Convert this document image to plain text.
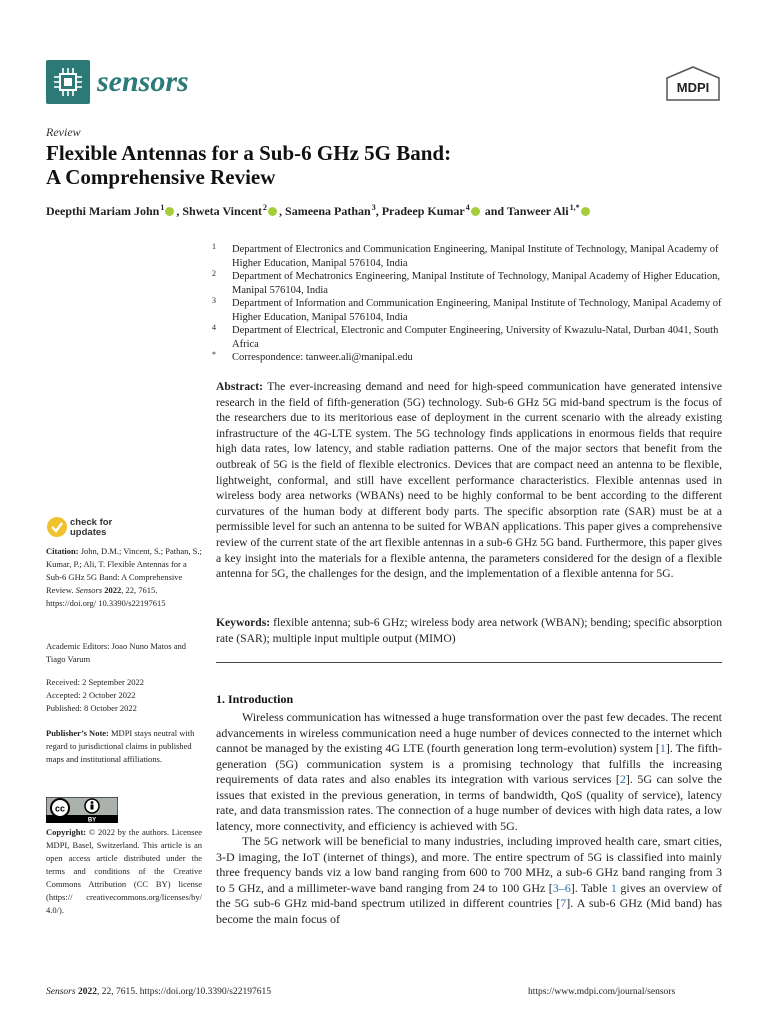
sensors	MDPI
Review
Flexible Antennas for a Sub-6 GHz 5G Band:
A Comprehensive Review
Deepthi Mariam John $^1$ , Shweta Vincent $^2$ , Sameena Pathan $^3$, Pradeep Kumar $^4$ and Tanweer Ali $^{1,*}$
1 Department of Electronics and Communication Engineering, Manipal Institute of Technology, Manipal Academy of Higher Education, Manipal 576104, India
2 Department of Mechatronics Engineering, Manipal Institute of Technology, Manipal Academy of Higher Education, Manipal 576104, India
3 Department of Information and Communication Engineering, Manipal Institute of Technology, Manipal Academy of Higher Education, Manipal 576104, India
4 Department of Electrical, Electronic and Computer Engineering, University of Kwazulu-Natal, Durban 4041, South Africa
* Correspondence: tanweer.ali@manipal.edu
Abstract: The ever-increasing demand and need for high-speed communication have generated intensive research in the field of fifth-generation (5G) technology. Sub-6 GHz 5G mid-band spectrum is the focus of the researchers due to its meritorious ease of deployment in the current scenario with the already existing infrastructure of the 4G-LTE system. The 5G technology finds applications in enormous fields that require high data rates, low latency, and stable radiation patterns. One of the major sectors that benefit from the outbreak of 5G is the field of flexible electronics. Devices that are compact need an antenna to be flexible, lightweight, conformal, and still have excellent performance characteristics. Flexible antennas used in wireless body area networks (WBANs) need to be highly conformal to be bent according to the different curvatures of the human body at different body parts. The specific absorption rate (SAR) must be at a permissible level for such an antenna to be suited for WBAN applications. This paper gives a comprehensive review of the current state of the art flexible antennas in a sub-6 GHz 5G band. Furthermore, this paper gives a key insight into the materials for a flexible antenna, the parameters considered for the design of a flexible antenna for 5G, the challenges for the design, and the implementation of a flexible antenna for 5G.
Keywords: flexible antenna; sub-6 GHz; wireless body area network (WBAN); bending; specific absorption rate (SAR); multiple input multiple output (MIMO)
1. Introduction

Wireless communication has witnessed a huge transformation over the past few decades. The recent advancements in wireless communication need a huge number of devices connected to the internet which cannot be managed by the existing 4G LTE (fourth generation long term-evolution) system [1]. The fifth-generation (5G) communication system is a promising technology that fulfills the increasing requirements of data rates and also enables its integration with various services [2]. 5G can solve the issues that existed in the previous generation, in terms of bandwidth, QoS (quality of service), latency rate, and data transmission rates. The connection of a huge number of devices with high data rates, a low latency, more connectivity, and efficiency is achieved with 5G.

The 5G network will be beneficial to many industries, including improved health care, smart cities, 3-D imaging, the IoT (internet of things), and more. The entire spectrum of 5G is classified into mainly three frequency bands viz a low band ranging from 600 to 700 MHz, a sub-6 GHz band ranging from 3 to 5 GHz, and a millimeter-wave band ranging from 24 to 100 GHz [3–6]. Table 1 gives an overview of the 5G sub-6 GHz mid-band spectrum utilized in different countries [7]. A sub-6 GHz (Mid band) has become the main focus of

check for
updates
Citation: John, D.M.; Vincent, S.; Pathan, S.; Kumar, P.; Ali, T. Flexible Antennas for a Sub-6 GHz 5G Band: A Comprehensive Review. Sensors 2022, 22, 7615. https://doi.org/ 10.3390/s22197615
Academic Editors: Joao Nuno Matos and Tiago Varum
Received: 2 September 2022
Accepted: 2 October 2022
Published: 8 October 2022
Publisher’s Note: MDPI stays neutral with regard to jurisdictional claims in published maps and institutional affiliations.
cc
BY
Copyright: © 2022 by the authors. Licensee MDPI, Basel, Switzerland. This article is an open access article distributed under the terms and conditions of the Creative Commons Attribution (CC BY) license (https:// creativecommons.org/licenses/by/ 4.0/).
Sensors 2022, 22, 7615. https://doi.org/10.3390/s22197615	https://www.mdpi.com/journal/sensors
